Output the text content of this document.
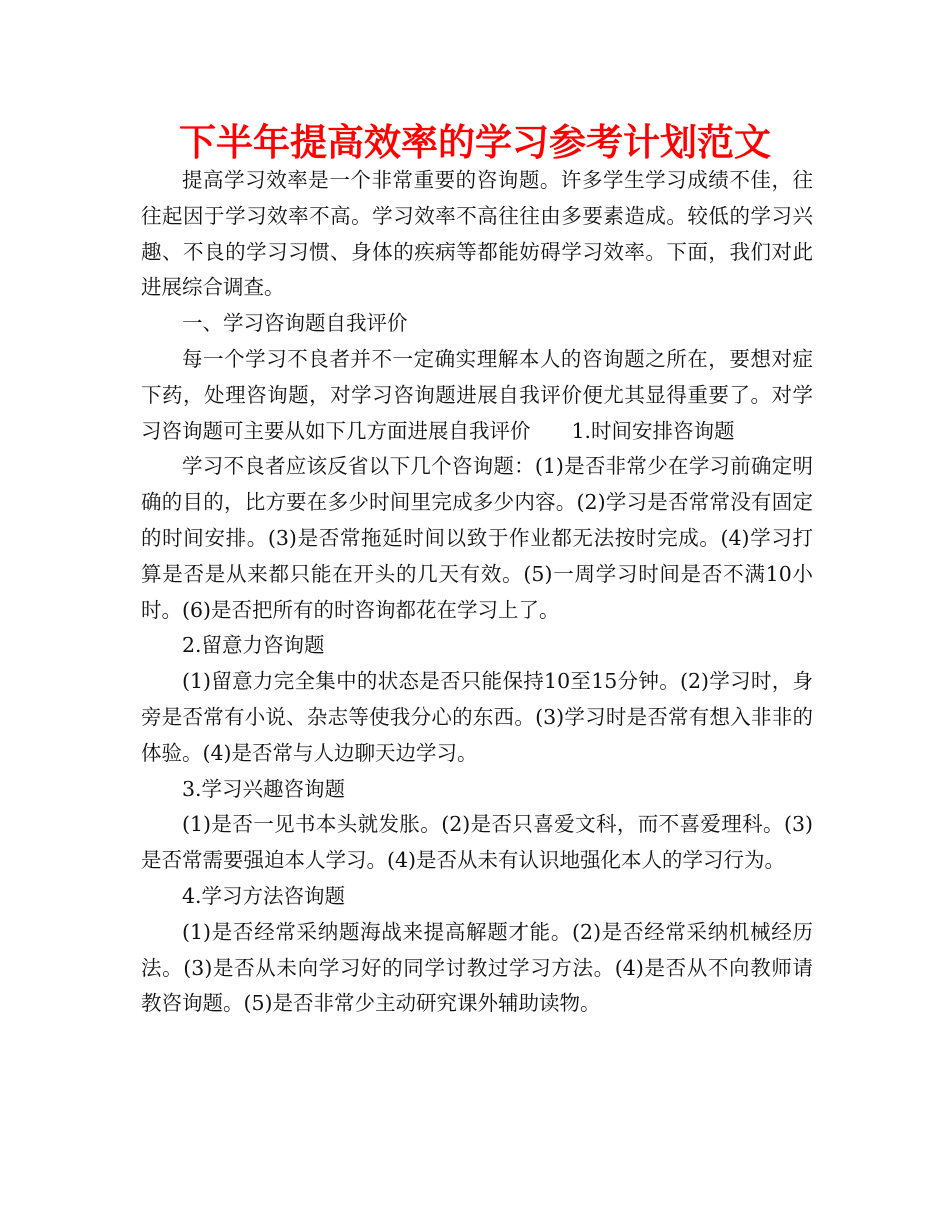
下半年提高效率的学习参考计划范文

提高学习效率是一个非常重要的咨询题。许多学生学习成绩不佳，往往起因于学习效率不高。学习效率不高往往由多要素造成。较低的学习兴趣、不良的学习习惯、身体的疾病等都能妨碍学习效率。下面，我们对此进展综合调查。

一、学习咨询题自我评价

每一个学习不良者并不一定确实理解本人的咨询题之所在，要想对症下药，处理咨询题，对学习咨询题进展自我评价便尤其显得重要了。对学习咨询题可主要从如下几方面进展自我评价　　1.时间安排咨询题

学习不良者应该反省以下几个咨询题：(1)是否非常少在学习前确定明确的目的，比方要在多少时间里完成多少内容。(2)学习是否常常没有固定的时间安排。(3)是否常拖延时间以致于作业都无法按时完成。(4)学习打算是否是从来都只能在开头的几天有效。(5)一周学习时间是否不满10小时。(6)是否把所有的时咨询都花在学习上了。

2.留意力咨询题

(1)留意力完全集中的状态是否只能保持10至15分钟。(2)学习时，身旁是否常有小说、杂志等使我分心的东西。(3)学习时是否常有想入非非的体验。(4)是否常与人边聊天边学习。

3.学习兴趣咨询题

(1)是否一见书本头就发胀。(2)是否只喜爱文科，而不喜爱理科。(3)是否常需要强迫本人学习。(4)是否从未有认识地强化本人的学习行为。

4.学习方法咨询题

(1)是否经常采纳题海战来提高解题才能。(2)是否经常采纳机械经历法。(3)是否从未向学习好的同学讨教过学习方法。(4)是否从不向教师请教咨询题。(5)是否非常少主动研究课外辅助读物。
